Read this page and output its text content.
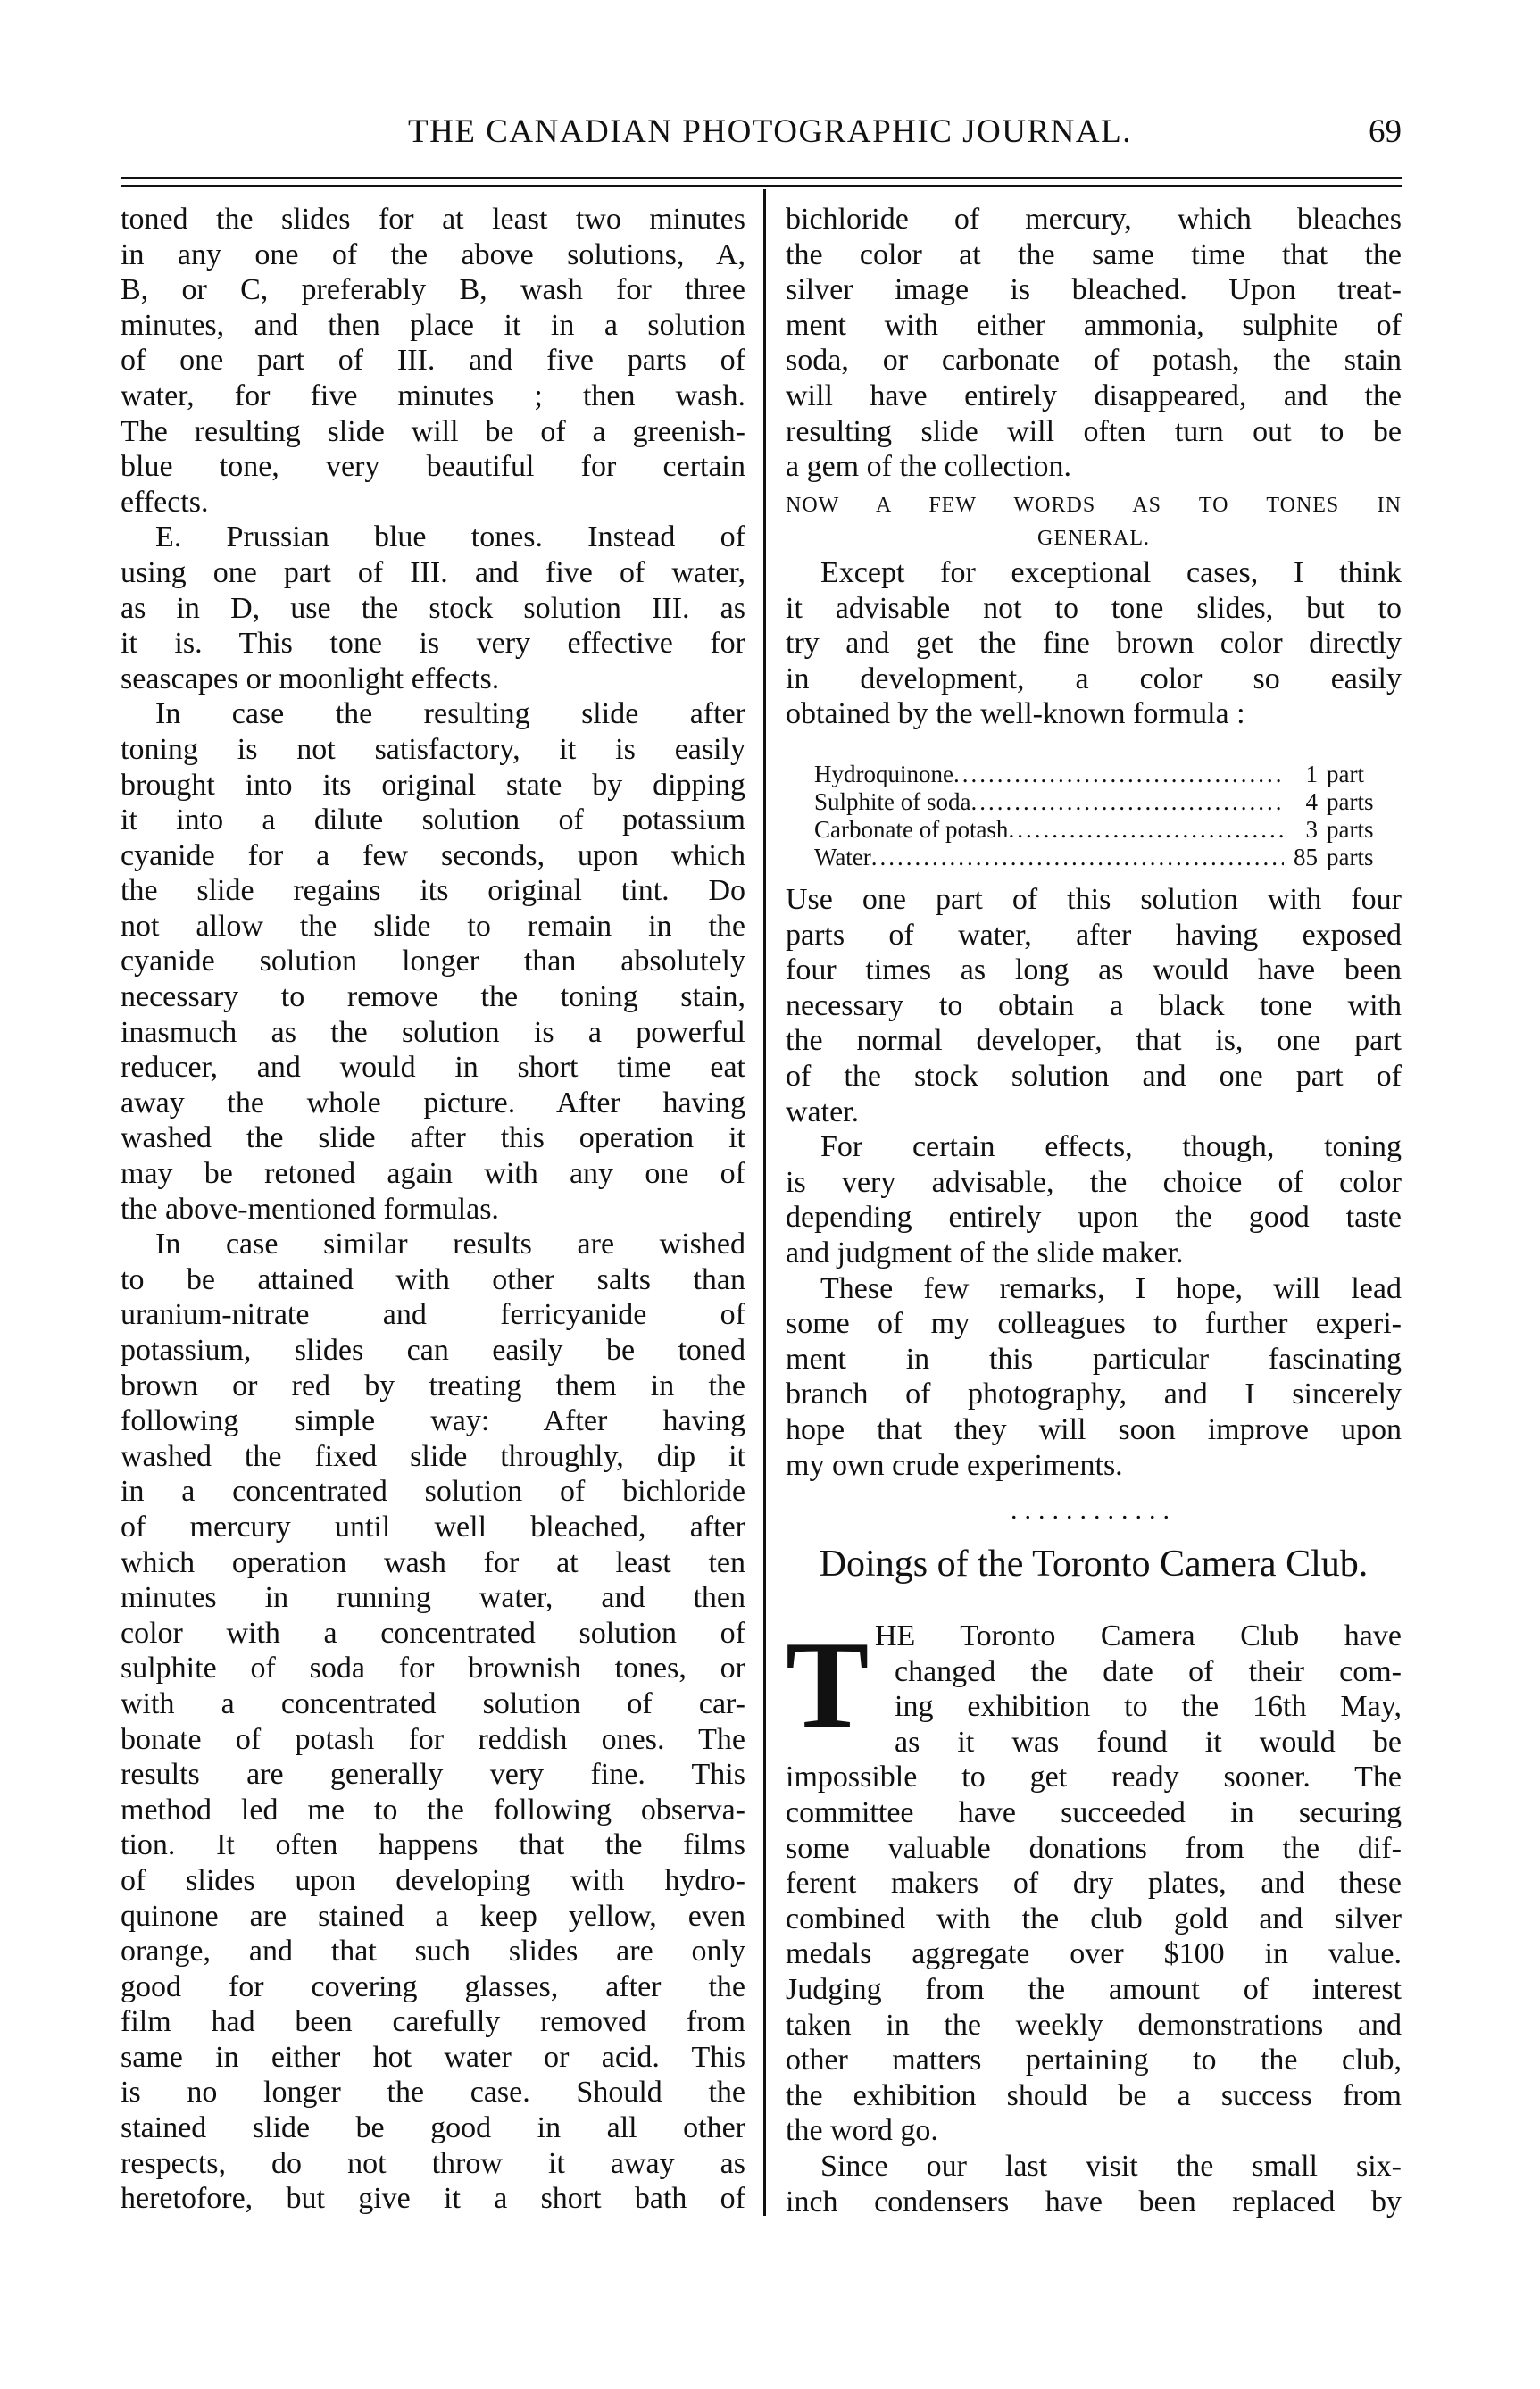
THE CANADIAN PHOTOGRAPHIC JOURNAL.	69
toned the slides for at least two minutes
in any one of the above solutions, A,
B, or C, preferably B, wash for three
minutes, and then place it in a solution
of one part of III. and five parts of
water, for five minutes ; then wash.
The resulting slide will be of a greenish-
blue tone, very beautiful for certain
effects.
E. Prussian blue tones. Instead of
using one part of III. and five of water,
as in D, use the stock solution III. as
it is. This tone is very effective for
seascapes or moonlight effects.
In case the resulting slide after
toning is not satisfactory, it is easily
brought into its original state by dipping
it into a dilute solution of potassium
cyanide for a few seconds, upon which
the slide regains its original tint. Do
not allow the slide to remain in the
cyanide solution longer than absolutely
necessary to remove the toning stain,
inasmuch as the solution is a powerful
reducer, and would in short time eat
away the whole picture. After having
washed the slide after this operation it
may be retoned again with any one of
the above-mentioned formulas.
In case similar results are wished
to be attained with other salts than
uranium-nitrate and ferricyanide of
potassium, slides can easily be toned
brown or red by treating them in the
following simple way: After having
washed the fixed slide throughly, dip it
in a concentrated solution of bichloride
of mercury until well bleached, after
which operation wash for at least ten
minutes in running water, and then
color with a concentrated solution of
sulphite of soda for brownish tones, or
with a concentrated solution of car-
bonate of potash for reddish ones. The
results are generally very fine. This
method led me to the following observa-
tion. It often happens that the films
of slides upon developing with hydro-
quinone are stained a keep yellow, even
orange, and that such slides are only
good for covering glasses, after the
film had been carefully removed from
same in either hot water or acid. This
is no longer the case. Should the
stained slide be good in all other
respects, do not throw it away as
heretofore, but give it a short bath of
bichloride of mercury, which bleaches
the color at the same time that the
silver image is bleached. Upon treat-
ment with either ammonia, sulphite of
soda, or carbonate of potash, the stain
will have entirely disappeared, and the
resulting slide will often turn out to be
a gem of the collection.
NOW A FEW WORDS AS TO TONES IN
GENERAL.
Except for exceptional cases, I think
it advisable not to tone slides, but to
try and get the fine brown color directly
in development, a color so easily
obtained by the well-known formula :
Hydroquinone .....	1 part
Sulphite of soda .....	4 parts
Carbonate of potash .....	3 parts
Water .....	85 parts
Use one part of this solution with four
parts of water, after having exposed
four times as long as would have been
necessary to obtain a black tone with
the normal developer, that is, one part
of the stock solution and one part of
water.
For certain effects, though, toning
is very advisable, the choice of color
depending entirely upon the good taste
and judgment of the slide maker.
These few remarks, I hope, will lead
some of my colleagues to further experi-
ment in this particular fascinating
branch of photography, and I sincerely
hope that they will soon improve upon
my own crude experiments.
............
Doings of the Toronto Camera Club.
T HE Toronto Camera Club have
changed the date of their com-
ing exhibition to the 16th May,
as it was found it would be
impossible to get ready sooner. The
committee have succeeded in securing
some valuable donations from the dif-
ferent makers of dry plates, and these
combined with the club gold and silver
medals aggregate over $100 in value.
Judging from the amount of interest
taken in the weekly demonstrations and
other matters pertaining to the club,
the exhibition should be a success from
the word go.
Since our last visit the small six-
inch condensers have been replaced by
